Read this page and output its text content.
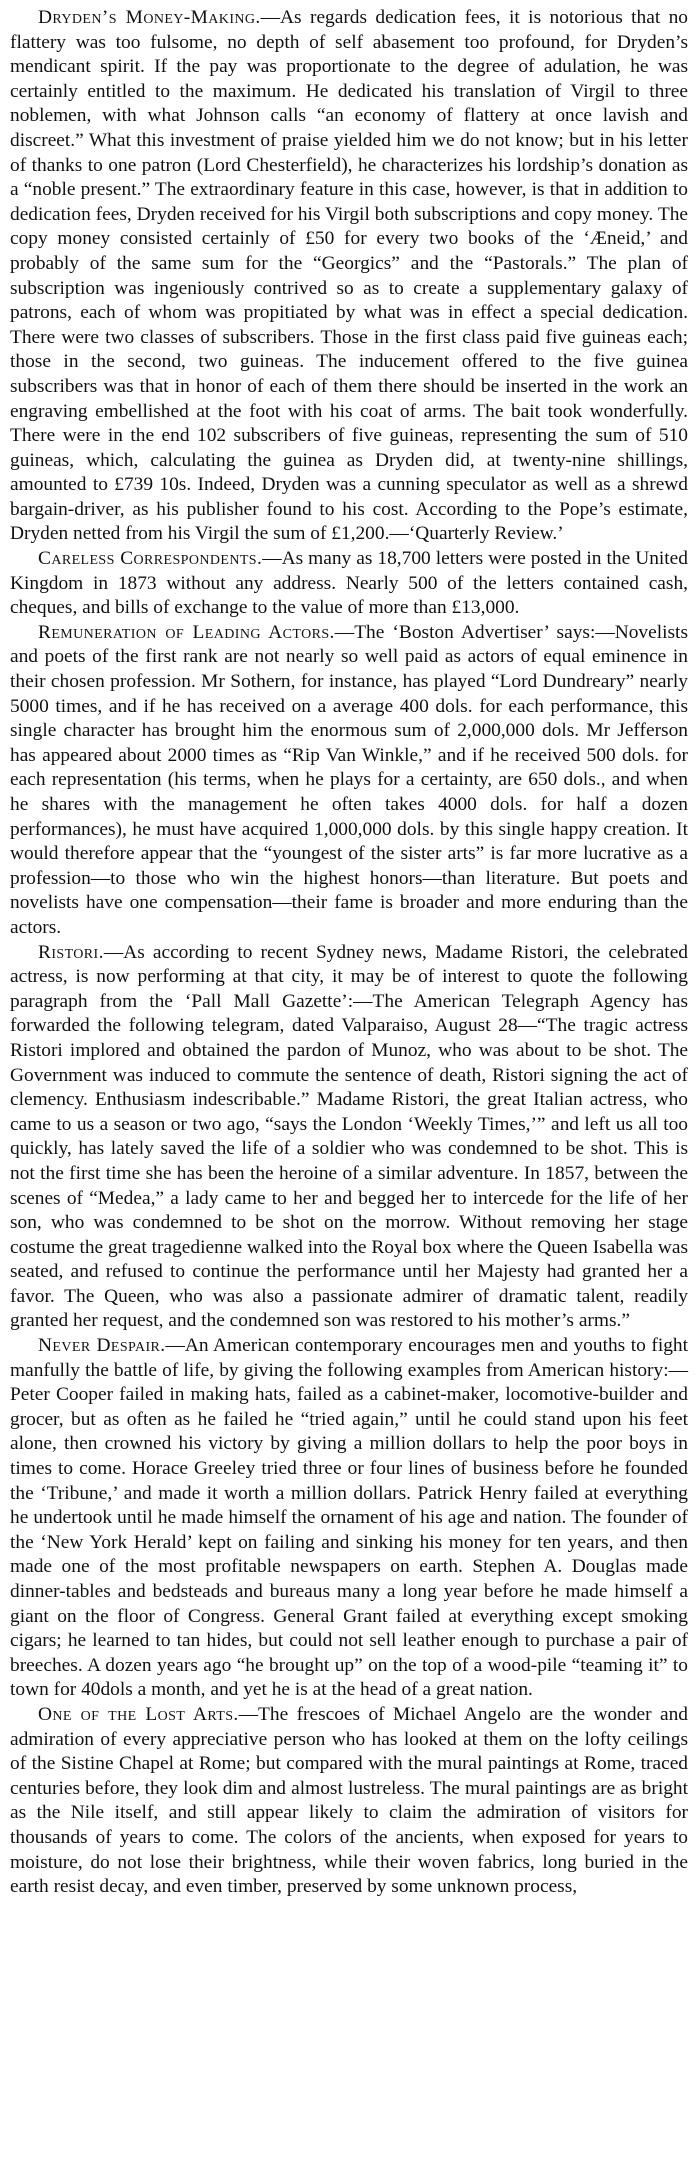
Dryden’s Money-Making.—As regards dedication fees, it is notorious that no flattery was too fulsome, no depth of self abasement too profound, for Dryden’s mendicant spirit. If the pay was proportionate to the degree of adulation, he was certainly entitled to the maximum. He dedicated his translation of Virgil to three noblemen, with what Johnson calls “an economy of flattery at once lavish and discreet.” What this investment of praise yielded him we do not know; but in his letter of thanks to one patron (Lord Chesterfield), he characterizes his lordship’s donation as a “noble present.” The extraordinary feature in this case, however, is that in addition to dedication fees, Dryden received for his Virgil both subscriptions and copy money. The copy money consisted certainly of £50 for every two books of the ‘Æneid,’ and probably of the same sum for the “Georgics” and the “Pastorals.” The plan of subscription was ingeniously contrived so as to create a supplementary galaxy of patrons, each of whom was propitiated by what was in effect a special dedication. There were two classes of subscribers. Those in the first class paid five guineas each; those in the second, two guineas. The inducement offered to the five guinea subscribers was that in honor of each of them there should be inserted in the work an engraving embellished at the foot with his coat of arms. The bait took wonderfully. There were in the end 102 subscribers of five guineas, representing the sum of 510 guineas, which, calculating the guinea as Dryden did, at twenty-nine shillings, amounted to £739 10s. Indeed, Dryden was a cunning speculator as well as a shrewd bargain-driver, as his publisher found to his cost. According to the Pope’s estimate, Dryden netted from his Virgil the sum of £1,200.—‘Quarterly Review.’

Careless Correspondents.—As many as 18,700 letters were posted in the United Kingdom in 1873 without any address. Nearly 500 of the letters contained cash, cheques, and bills of exchange to the value of more than £13,000.

Remuneration of Leading Actors.—The ‘Boston Advertiser’ says:—Novelists and poets of the first rank are not nearly so well paid as actors of equal eminence in their chosen profession. Mr Sothern, for instance, has played “Lord Dundreary” nearly 5000 times, and if he has received on a average 400 dols. for each performance, this single character has brought him the enormous sum of 2,000,000 dols. Mr Jefferson has appeared about 2000 times as “Rip Van Winkle,” and if he received 500 dols. for each representation (his terms, when he plays for a certainty, are 650 dols., and when he shares with the management he often takes 4000 dols. for half a dozen performances), he must have acquired 1,000,000 dols. by this single happy creation. It would therefore appear that the “youngest of the sister arts” is far more lucrative as a profession—to those who win the highest honors—than literature. But poets and novelists have one compensation—their fame is broader and more enduring than the actors.

Ristori.—As according to recent Sydney news, Madame Ristori, the celebrated actress, is now performing at that city, it may be of interest to quote the following paragraph from the ‘Pall Mall Gazette’:—The American Telegraph Agency has forwarded the following telegram, dated Valparaiso, August 28—“The tragic actress Ristori implored and obtained the pardon of Munoz, who was about to be shot. The Government was induced to commute the sentence of death, Ristori signing the act of clemency. Enthusiasm indescribable.” Madame Ristori, the great Italian actress, who came to us a season or two ago, “says the London ‘Weekly Times,’” and left us all too quickly, has lately saved the life of a soldier who was condemned to be shot. This is not the first time she has been the heroine of a similar adventure. In 1857, between the scenes of “Medea,” a lady came to her and begged her to intercede for the life of her son, who was condemned to be shot on the morrow. Without removing her stage costume the great tragedienne walked into the Royal box where the Queen Isabella was seated, and refused to continue the performance until her Majesty had granted her a favor. The Queen, who was also a passionate admirer of dramatic talent, readily granted her request, and the condemned son was restored to his mother’s arms.”

Never Despair.—An American contemporary encourages men and youths to fight manfully the battle of life, by giving the following examples from American history:—Peter Cooper failed in making hats, failed as a cabinet-maker, locomotive-builder and grocer, but as often as he failed he “tried again,” until he could stand upon his feet alone, then crowned his victory by giving a million dollars to help the poor boys in times to come. Horace Greeley tried three or four lines of business before he founded the ‘Tribune,’ and made it worth a million dollars. Patrick Henry failed at everything he undertook until he made himself the ornament of his age and nation. The founder of the ‘New York Herald’ kept on failing and sinking his money for ten years, and then made one of the most profitable newspapers on earth. Stephen A. Douglas made dinner-tables and bedsteads and bureaus many a long year before he made himself a giant on the floor of Congress. General Grant failed at everything except smoking cigars; he learned to tan hides, but could not sell leather enough to purchase a pair of breeches. A dozen years ago “he brought up” on the top of a wood-pile “teaming it” to town for 40dols a month, and yet he is at the head of a great nation.

One of the Lost Arts.—The frescoes of Michael Angelo are the wonder and admiration of every appreciative person who has looked at them on the lofty ceilings of the Sistine Chapel at Rome; but compared with the mural paintings at Rome, traced centuries before, they look dim and almost lustreless. The mural paintings are as bright as the Nile itself, and still appear likely to claim the admiration of visitors for thousands of years to come. The colors of the ancients, when exposed for years to moisture, do not lose their brightness, while their woven fabrics, long buried in the earth resist decay, and even timber, preserved by some unknown process,
